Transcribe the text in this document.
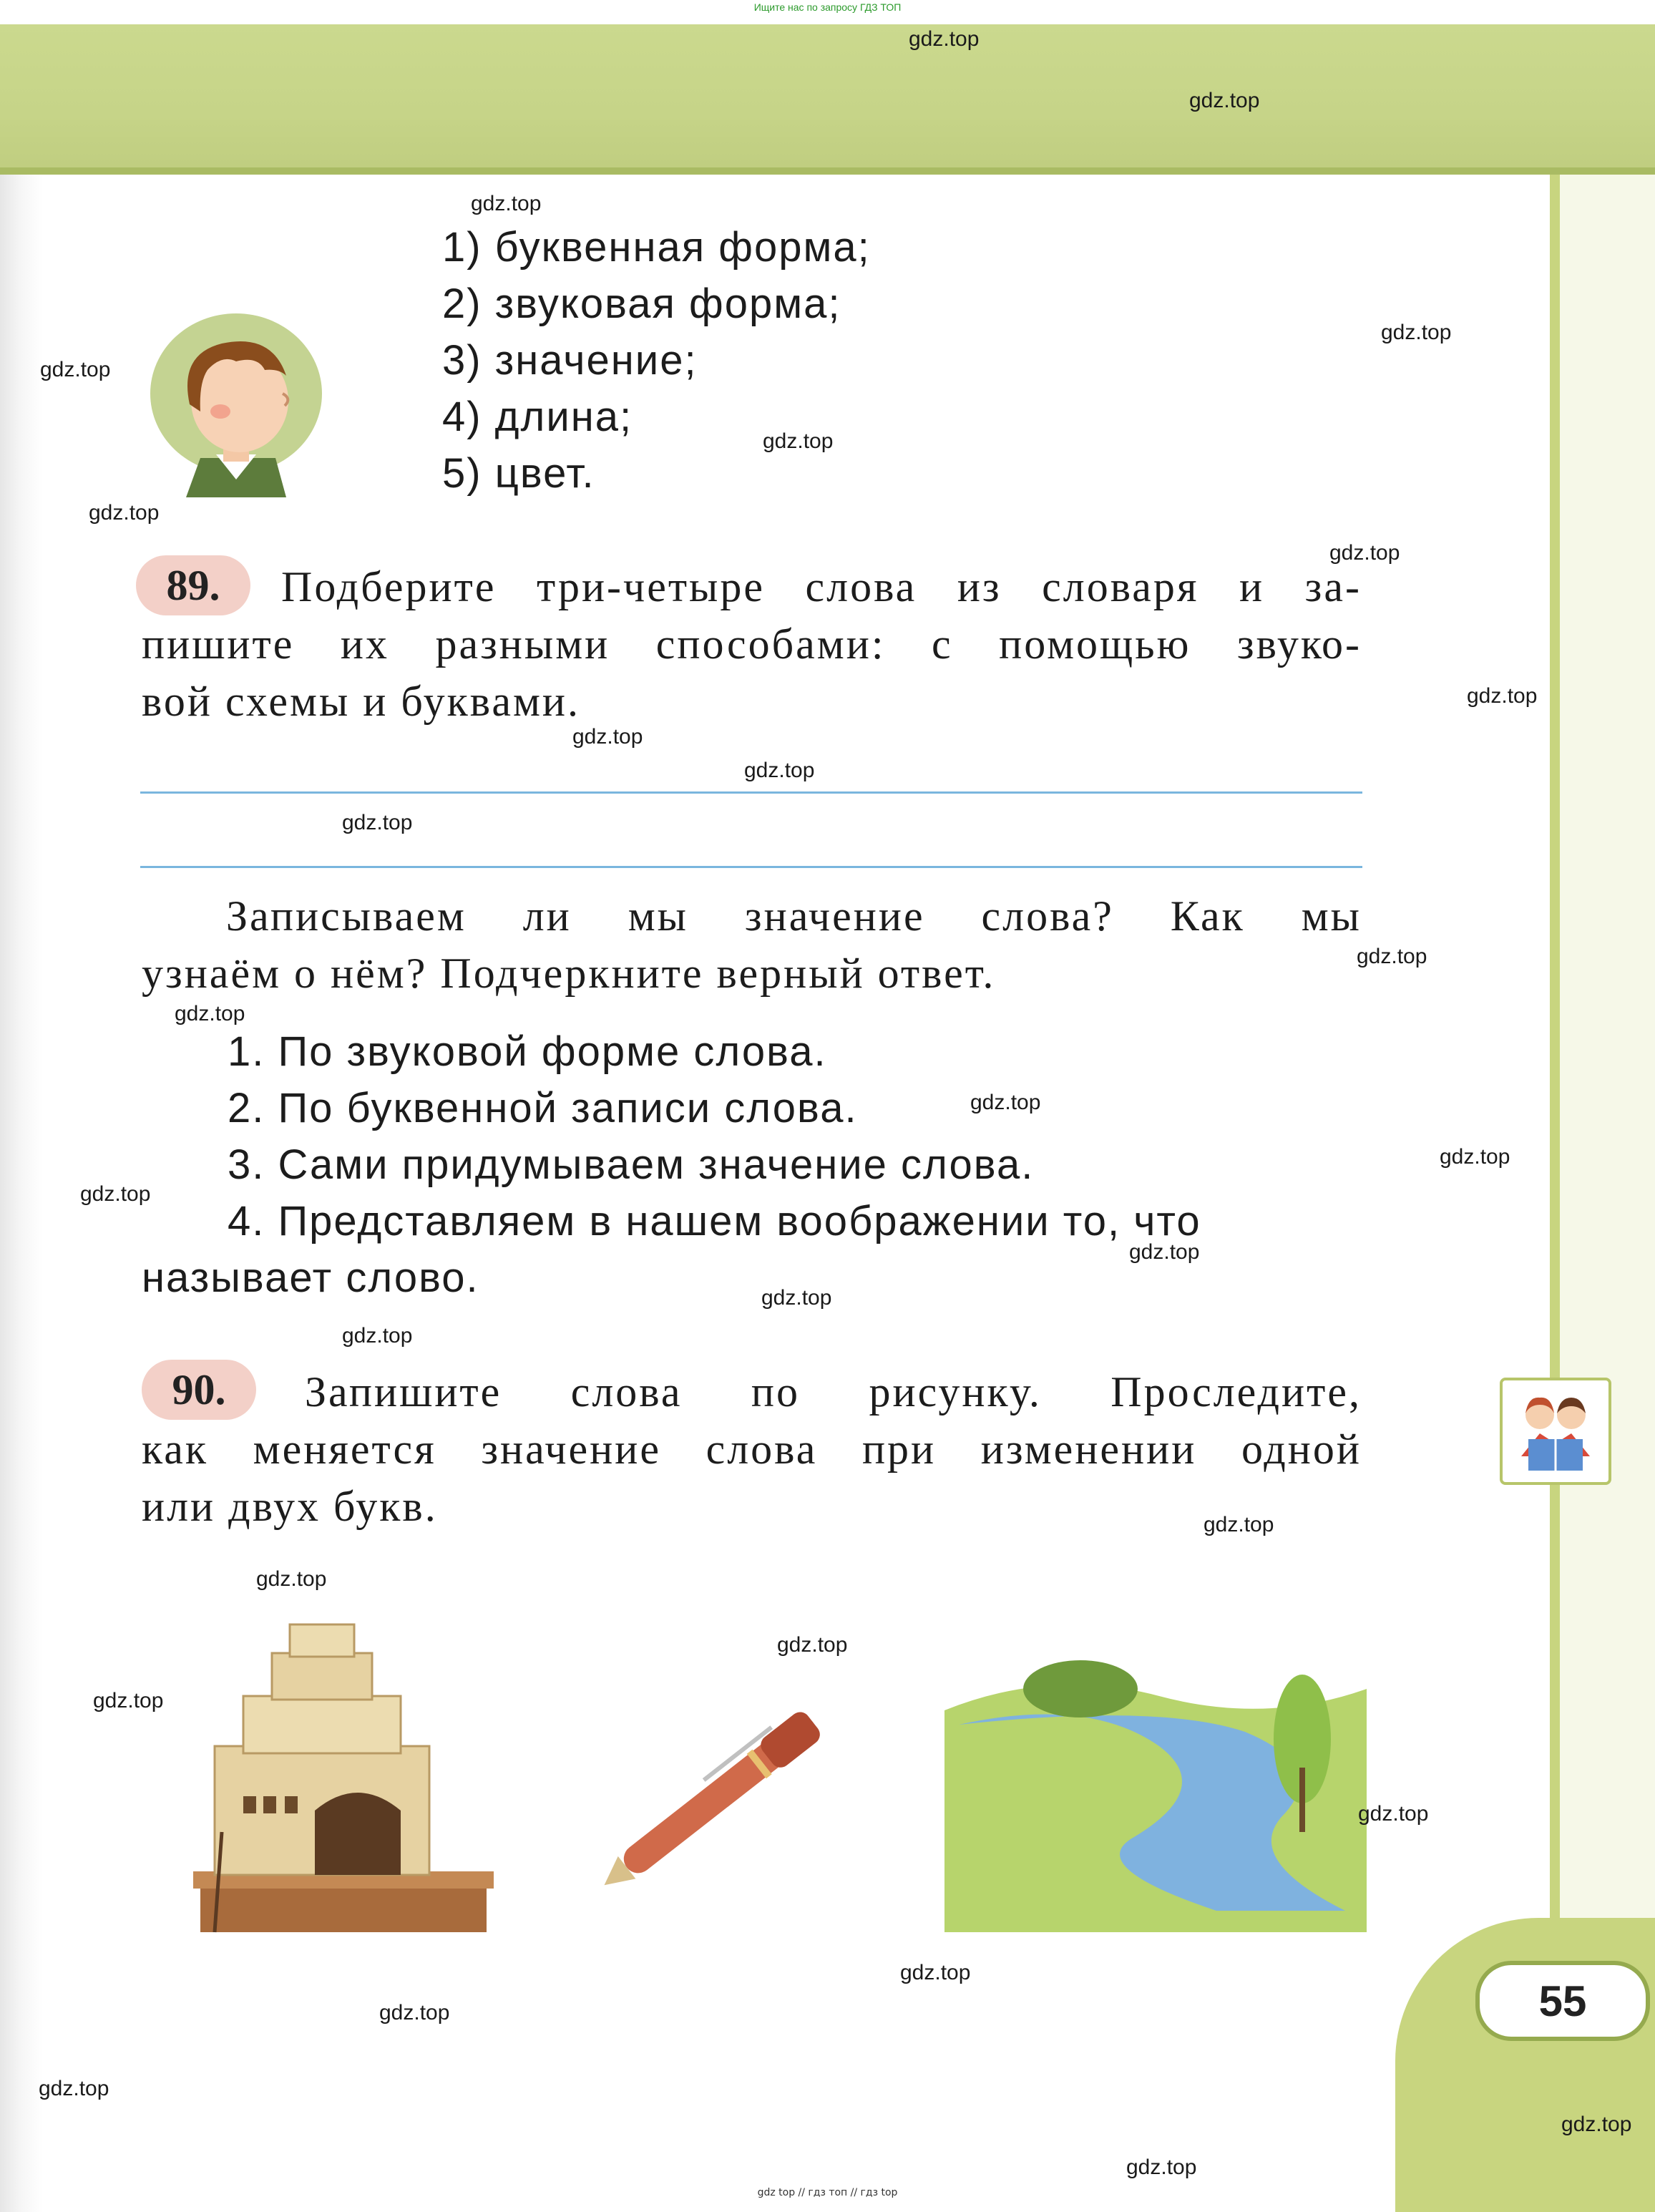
Ищите нас по запросу ГДЗ ТОП
55
1) буквенная форма;
2) звуковая форма;
3) значение;
4) длина;
5) цвет.
89.	Подберите три-четыре слова из словаря и за-
пишите их разными способами: с помощью звуко-
вой схемы и буквами.
Записываем ли мы значение слова? Как мы
узнаём о нём? Подчеркните верный ответ.
1. По звуковой форме слова.
2. По буквенной записи слова.
3. Сами придумываем значение слова.
4. Представляем в нашем воображении то, что
называет слово.
90.	Запишите слова по рисунку. Проследите,
как меняется значение слова при изменении одной
или двух букв.
gdz.top
gdz.top
gdz.top
gdz.top
gdz.top
gdz.top
gdz.top
gdz.top
gdz.top
gdz.top
gdz.top
gdz.top
gdz.top
gdz.top
gdz.top
gdz.top
gdz.top
gdz.top
gdz.top
gdz.top
gdz.top
gdz.top
gdz.top
gdz.top
gdz.top
gdz.top
gdz.top
gdz.top
gdz.top
gdz.top
gdz top // гдз топ // гдз top
